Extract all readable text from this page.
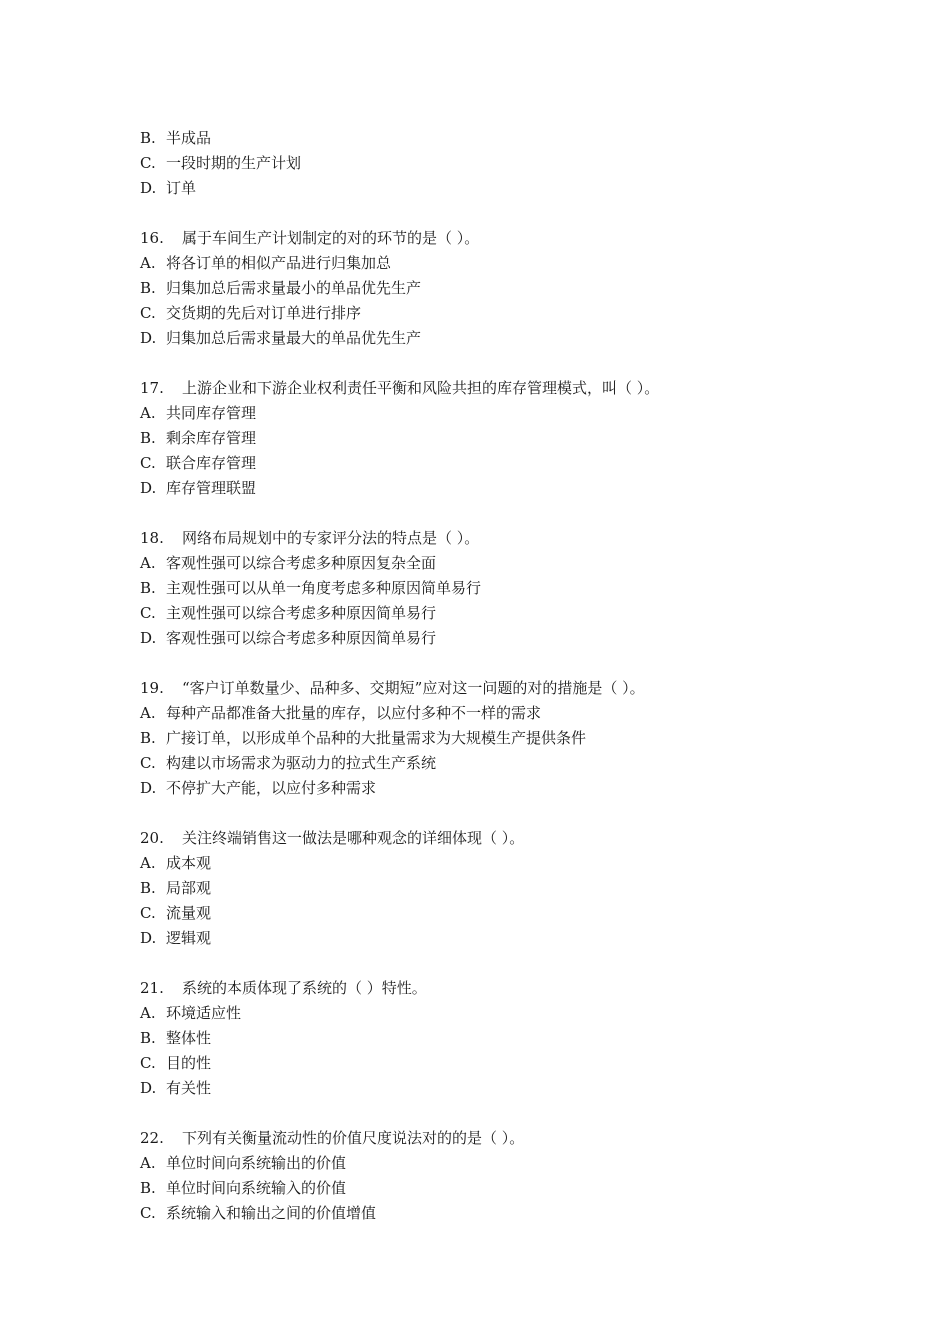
B. 半成品
C. 一段时期的生产计划
D. 订单
16. 属于车间生产计划制定的对的环节的是（ ）。
A. 将各订单的相似产品进行归集加总
B. 归集加总后需求量最小的单品优先生产
C. 交货期的先后对订单进行排序
D. 归集加总后需求量最大的单品优先生产
17. 上游企业和下游企业权利责任平衡和风险共担的库存管理模式，叫（ ）。
A. 共同库存管理
B. 剩余库存管理
C. 联合库存管理
D. 库存管理联盟
18. 网络布局规划中的专家评分法的特点是（ ）。
A. 客观性强可以综合考虑多种原因复杂全面
B. 主观性强可以从单一角度考虑多种原因简单易行
C. 主观性强可以综合考虑多种原因简单易行
D. 客观性强可以综合考虑多种原因简单易行
19. “客户订单数量少、品种多、交期短”应对这一问题的对的措施是（ ）。
A. 每种产品都准备大批量的库存，以应付多种不一样的需求
B. 广接订单，以形成单个品种的大批量需求为大规模生产提供条件
C. 构建以市场需求为驱动力的拉式生产系统
D. 不停扩大产能，以应付多种需求
20. 关注终端销售这一做法是哪种观念的详细体现（ ）。
A. 成本观
B. 局部观
C. 流量观
D. 逻辑观
21. 系统的本质体现了系统的（ ）特性。
A. 环境适应性
B. 整体性
C. 目的性
D. 有关性
22. 下列有关衡量流动性的价值尺度说法对的的是（ ）。
A. 单位时间向系统输出的价值
B. 单位时间向系统输入的价值
C. 系统输入和输出之间的价值增值
